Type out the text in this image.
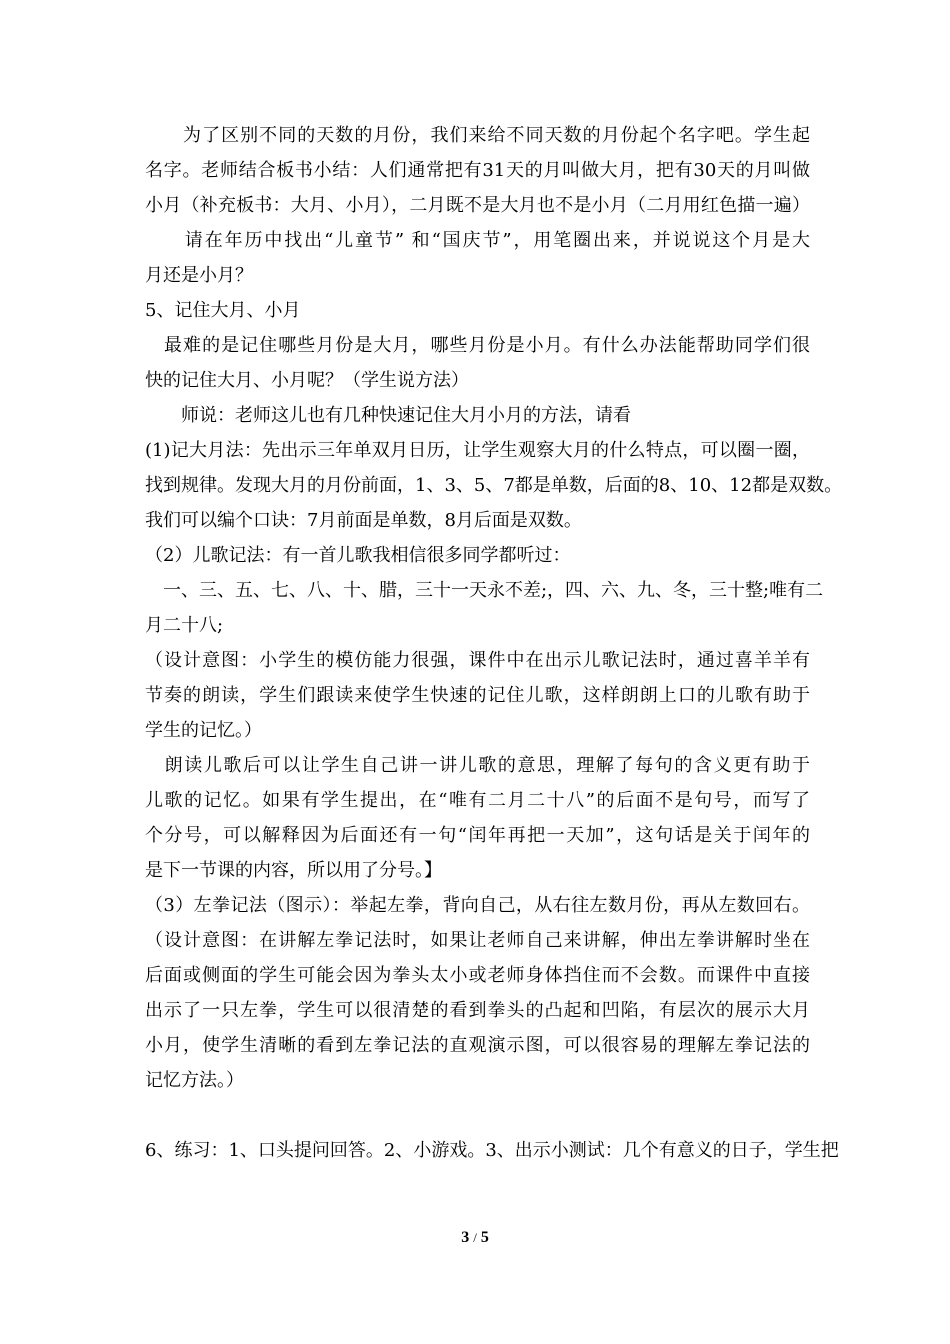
　　为了区别不同的天数的月份，我们来给不同天数的月份起个名字吧。学生起
名字。老师结合板书小结：人们通常把有31天的月叫做大月，把有30天的月叫做
小月（补充板书：大月、小月），二月既不是大月也不是小月（二月用红色描一遍）
　　请在年历中找出“儿童节” 和“国庆节”，用笔圈出来，并说说这个月是大
月还是小月？
5、记住大月、小月
　最难的是记住哪些月份是大月，哪些月份是小月。有什么办法能帮助同学们很
快的记住大月、小月呢？（学生说方法）
　　师说：老师这儿也有几种快速记住大月小月的方法，请看
(1)记大月法：先出示三年单双月日历，让学生观察大月的什么特点，可以圈一圈，
找到规律。发现大月的月份前面，1、3、5、7都是单数，后面的8、10、12都是双数。
我们可以编个口诀：7月前面是单数，8月后面是双数。
（2）儿歌记法：有一首儿歌我相信很多同学都听过：
　一、三、五、七、八、十、腊，三十一天永不差;，四、六、九、冬，三十整;唯有二
月二十八;
（设计意图：小学生的模仿能力很强，课件中在出示儿歌记法时，通过喜羊羊有
节奏的朗读，学生们跟读来使学生快速的记住儿歌，这样朗朗上口的儿歌有助于
学生的记忆。）
　朗读儿歌后可以让学生自己讲一讲儿歌的意思，理解了每句的含义更有助于
儿歌的记忆。如果有学生提出，在“唯有二月二十八”的后面不是句号，而写了
个分号，可以解释因为后面还有一句“闰年再把一天加”，这句话是关于闰年的
是下一节课的内容，所以用了分号。】
（3）左拳记法（图示）：举起左拳，背向自己，从右往左数月份，再从左数回右。
（设计意图：在讲解左拳记法时，如果让老师自己来讲解，伸出左拳讲解时坐在
后面或侧面的学生可能会因为拳头太小或老师身体挡住而不会数。而课件中直接
出示了一只左拳，学生可以很清楚的看到拳头的凸起和凹陷，有层次的展示大月
小月，使学生清晰的看到左拳记法的直观演示图，可以很容易的理解左拳记法的
记忆方法。）
6、练习：1、口头提问回答。2、小游戏。3、出示小测试：几个有意义的日子，学生把
3 / 5
